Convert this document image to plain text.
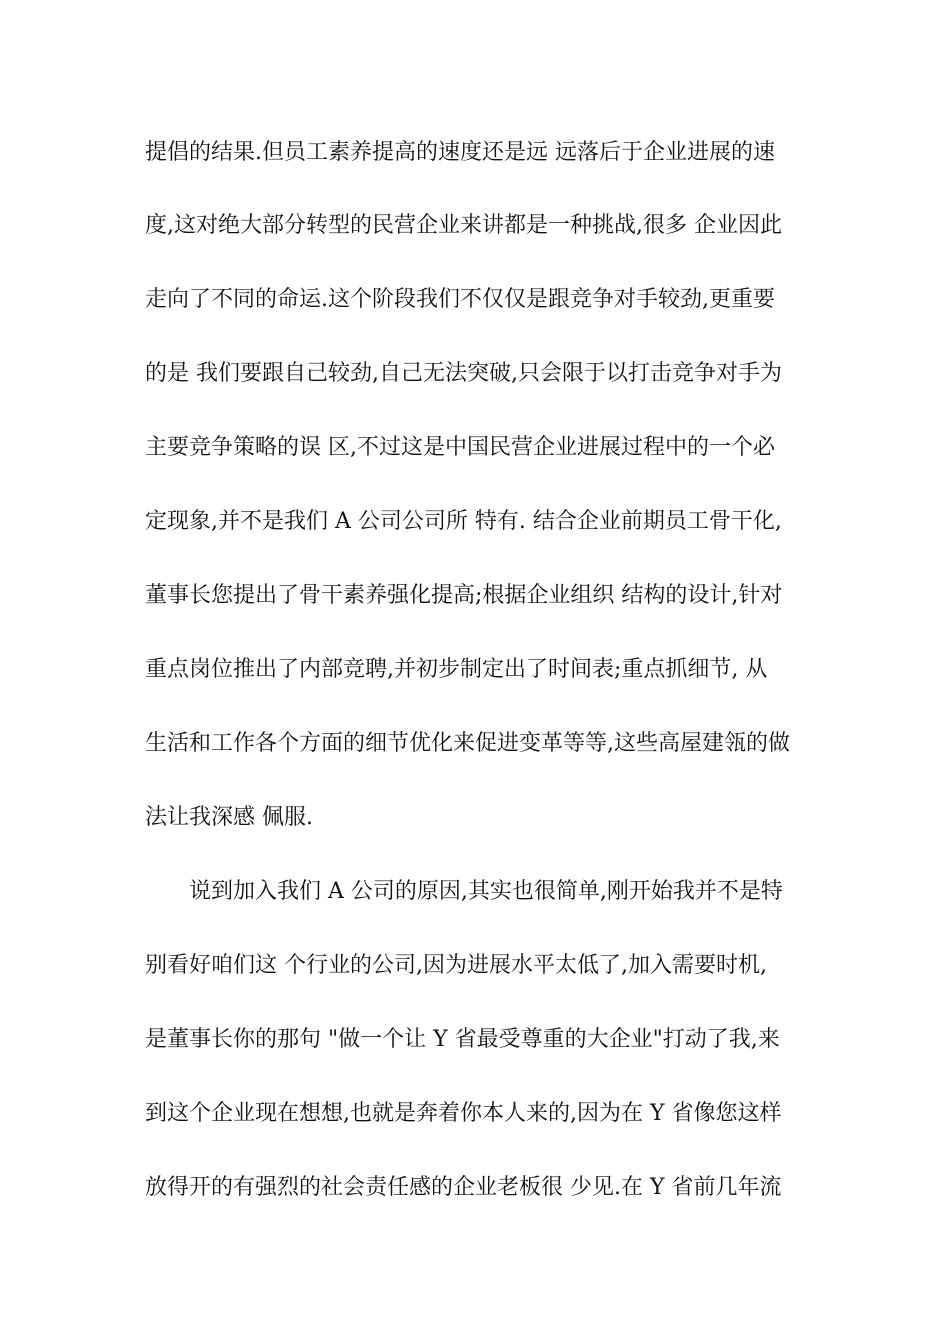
提倡的结果.但员工素养提高的速度还是远 远落后于企业进展的速
度,这对绝大部分转型的民营企业来讲都是一种挑战,很多 企业因此
走向了不同的命运.这个阶段我们不仅仅是跟竞争对手较劲,更重要
的是 我们要跟自己较劲,自己无法突破,只会限于以打击竞争对手为
主要竞争策略的误 区,不过这是中国民营企业进展过程中的一个必
定现象,并不是我们 A 公司公司所 特有. 结合企业前期员工骨干化,
董事长您提出了骨干素养强化提高;根据企业组织 结构的设计,针对
重点岗位推出了内部竞聘,并初步制定出了时间表;重点抓细节, 从
生活和工作各个方面的细节优化来促进变革等等,这些高屋建瓴的做
法让我深感 佩服.
说到加入我们 A 公司的原因,其实也很简单,刚开始我并不是特
别看好咱们这 个行业的公司,因为进展水平太低了,加入需要时机,
是董事长你的那句 "做一个让 Y 省最受尊重的大企业"打动了我,来
到这个企业现在想想,也就是奔着你本人来的,因为在 Y 省像您这样
放得开的有强烈的社会责任感的企业老板很 少见.在 Y 省前几年流
